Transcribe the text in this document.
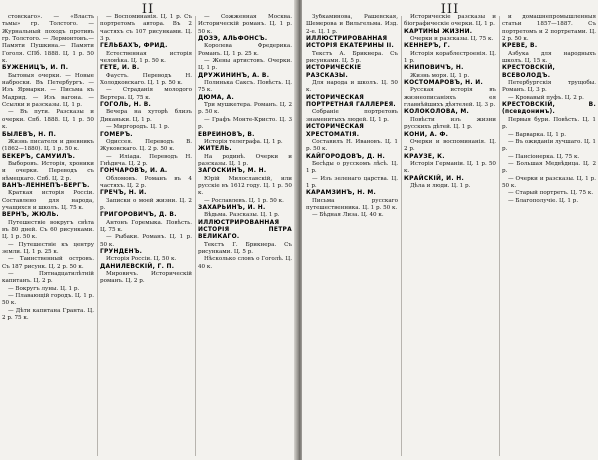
II
стовскаго». — «Власть тьмы» гр. Толстого. — Журнальный походъ противъ гр. Толстого. — Лермонтовъ.— Памяти Пушкина.— Памяти Гоголя. СПб. 1888. Ц. 1 р. 50 к.
БУЖЕНИЦЪ, И. П.
Бытовыя очерки. — Новые наброски. Въ Петербургъ. — Изъ Ярмарки. — Письма къ Мадрид. — Изъ вагона. — Ссылки и разсказы. Ц. 1 р.
— Въ пути. Разсказы и очерки. Спб. 1888. Ц. 1 р. 50 к.
БЫЛЕВЪ, Н. П.
Жизнь писателя и дневникъ (1862—1880). Ц. 1 р. 50 к.
БЕКЕРЪ, САМУИЛЪ.
Выборовъ. Исторія, хроники и очерки. Переводъ съ нѣмецкаго. Спб. Ц. 2 р.
ВАНЪ-ЛЕННЕПЪ-БЕРГЪ.
Краткая исторія Россіи. Составлено для народа, учащихся и школъ. Ц. 75 к.
ВЕРНЪ, ЖЮЛЬ.
Путешествіе вокругъ свѣта въ 80 дней. Съ 60 рисунками. Ц. 1 р. 50 к.
— Путешествіе къ центру земли. Ц. 1 р. 25 к.
— Таинственный островъ. Съ 187 рисунк. Ц. 2 р. 50 к.
— Пятнадцатилѣтній капитанъ. Ц. 2 р.
— Вокругъ луны. Ц. 1 р.
— Плавающій городъ. Ц. 1 р. 50 к.
— Дѣти капитана Гранта. Ц. 2 р. 75 к.
— Воспоминанія. Ц. 1 р. Съ портретомъ автора. Въ 2 частяхъ съ 107 рисунками. Ц. 3 р.
ГЕЛЬБАХЪ, ФРИД.
Естественная исторія человѣка. Ц. 1 р. 50 к.
ГЕТЕ, И. В.
Фаустъ. Переводъ Н. Холодковскаго. Ц. 1 р. 50 к.
— Страданія молодого Вертера. Ц. 75 к.
ГОГОЛЬ, Н. В.
Вечера на хуторѣ близъ Диканьки. Ц. 1 р.
— Миргородъ. Ц. 1 р.
ГОМЕРЪ.
Одиссея. Переводъ В. Жуковскаго. Ц. 2 р. 50 к.
— Иліада. Переводъ Н. Гнѣдича. Ц. 2 р.
ГОНЧАРОВЪ, И. А.
Обломовъ. Романъ въ 4 частяхъ. Ц. 2 р.
ГРЕЧЪ, Н. И.
Записки о моей жизни. Ц. 2 р.
ГРИГОРОВИЧЪ, Д. В.
Антонъ Горемыка. Повѣсть. Ц. 75 к.
— Рыбаки. Романъ. Ц. 1 р. 50 к.
ГРУНДЕНЪ.
Исторія Россіи. Ц. 50 к.
ДАНИЛЕВСКІЙ, Г. П.
Мировичъ. Историческій романъ. Ц. 2 р.
— Сожженная Москва. Историческій романъ. Ц. 1 р. 50 к.
ДОЗЭ, АЛЬФОНСЪ.
Королева Фредерика. Романъ. Ц. 1 р. 25 к.
— Жены артистовъ. Очерки. Ц. 1 р.
ДРУЖИНИНЪ, А. В.
Полинька Саксъ. Повѣсть. Ц. 75 к.
ДЮМА, А.
Три мушкетера. Романъ. Ц. 2 р. 50 к.
— Графъ Монте-Кристо. Ц. 3 р.
ЕВРЕИНОВЪ, В.
Исторія телеграфа. Ц. 1 р.
ЖИТЕЛЬ.
На родинѣ. Очерки и разсказы. Ц. 1 р.
ЗАГОСКИНЪ, М. Н.
Юрій Милославскій, или русскіе въ 1612 году. Ц. 1 р. 50 к.
— Рославлевъ. Ц. 1 р. 50 к.
ЗАХАРЬИНЪ, И. Н.
Вѣдьма. Разсказы. Ц. 1 р.
ИЛЛЮСТРИРОВАННАЯ ИСТОРІЯ ПЕТРА ВЕЛИКАГО.
Текстъ Г. Брикнера. Съ рисунками. Ц. 5 р.
Нѣсколько словъ о Гоголѣ. Ц. 40 к.
III
Зубкаминова, Рашевская, Шемерова и Вильгельма. Изд. 2-е. Ц. 1 р.
ИЛЛЮСТРИРОВАННАЯ ИСТОРІЯ ЕКАТЕРИНЫ II.
Текстъ А. Брикнера. Съ рисунками. Ц. 5 р.
ИСТОРИЧЕСКІЕ РАЗСКАЗЫ.
Для народа и школъ. Ц. 50 к.
ИСТОРИЧЕСКАЯ ПОРТРЕТНАЯ ГАЛЛЕРЕЯ.
Собраніе портретовъ знаменитыхъ людей. Ц. 1 р.
ИСТОРИЧЕСКАЯ ХРЕСТОМАТІЯ.
Составилъ Н. Ивановъ. Ц. 1 р. 50 к.
КАЙГОРОДОВЪ, Д. Н.
Бесѣды о русскомъ лѣсѣ. Ц. 1 р.
— Изъ зеленаго царства. Ц. 1 р.
КАРАМЗИНЪ, Н. М.
Письма русскаго путешественника. Ц. 1 р. 50 к.
— Бѣдная Лиза. Ц. 40 к.
Историческіе разсказы и біографическіе очерки. Ц. 1 р.
КАРТИНЫ ЖИЗНИ.
Очерки и разсказы. Ц. 75 к.
КЕННЕРЪ, Г.
Исторія кораблестроенія. Ц. 1 р.
КНИПОВИЧЪ, Н.
Жизнь моря. Ц. 1 р.
КОСТОМАРОВЪ, Н. И.
Русская исторія въ жизнеописаніяхъ ея главнѣйшихъ дѣятелей. Ц. 3 р.
КОЛОКОЛОВА, М.
Повѣсти изъ жизни русскихъ дѣтей. Ц. 1 р.
КОНИ, А. Ф.
Очерки и воспоминанія. Ц. 2 р.
КРАУЗЕ, К.
Исторія Германіи. Ц. 1 р. 50 к.
КРАЙСКІЙ, И. Н.
Дѣла и люди. Ц. 1 р.
и домашнепромышленныя статьи 1857—1887. Съ портретомъ и 2 портретами. Ц. 2 р. 50 к.
КРЕВЕ, В.
Азбука для народныхъ школъ. Ц. 15 к.
КРЕСТОВСКІЙ, ВСЕВОЛОДЪ.
Петербургскія трущобы. Романъ. Ц. 3 р.
— Кровавый пуфъ. Ц. 2 р.
КРЕСТОВСКІЙ, В. (псевдонимъ).
Первыя бури. Повѣсть. Ц. 1 р.
— Варварка. Ц. 1 р.
— Въ ожиданіи лучшаго. Ц. 1 р.
— Пансіонерка. Ц. 75 к.
— Большая Медвѣдица. Ц. 2 р.
— Очерки и разсказы. Ц. 1 р. 50 к.
— Старый портретъ. Ц. 75 к.
— Благополучіе. Ц. 1 р.
